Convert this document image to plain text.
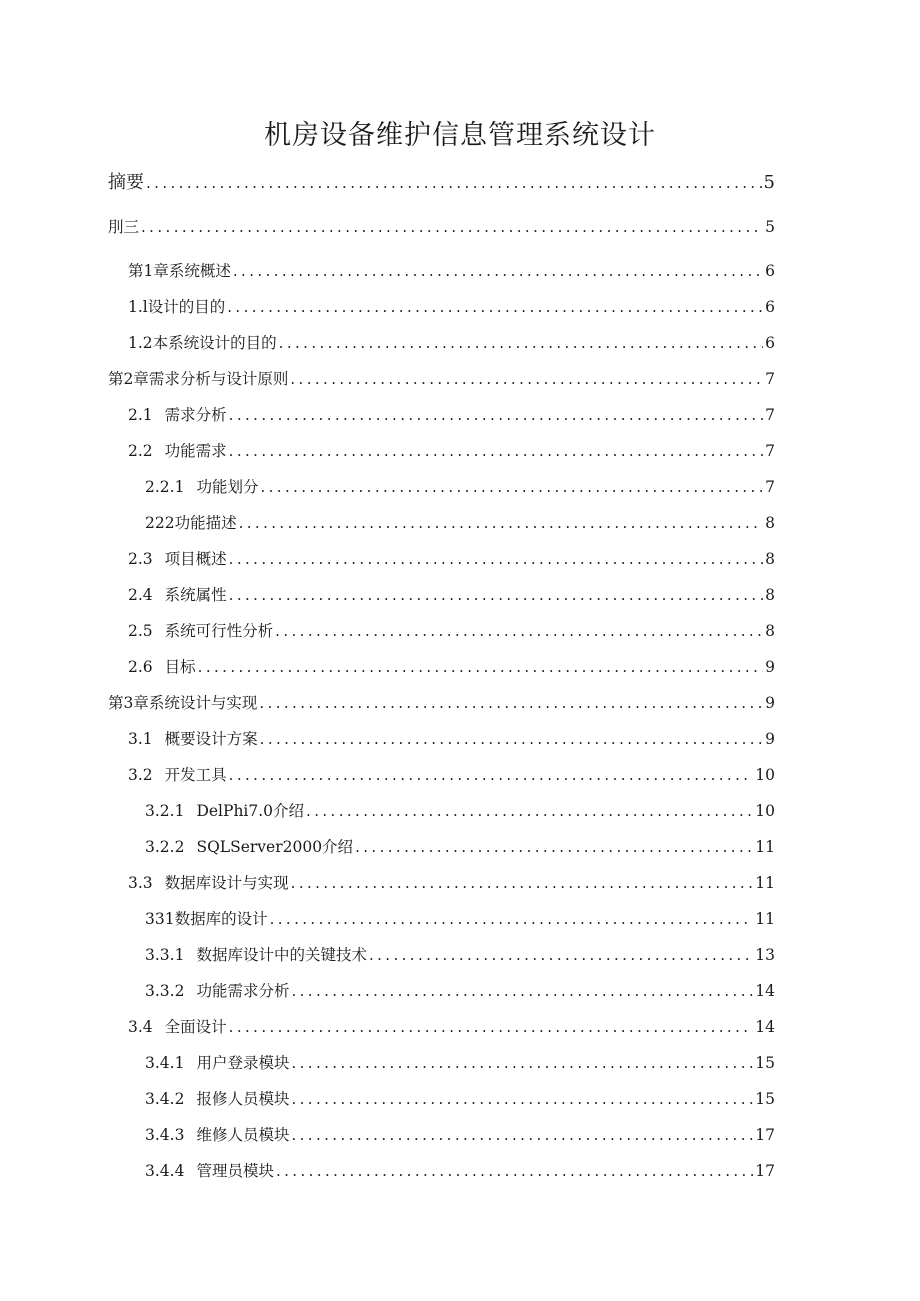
机房设备维护信息管理系统设计
摘要 .....	5
刖三 .....	5
第1章系统概述 .....	6
1.l设计的目的 .....	6
1.2本系统设计的目的 .....	6
第2章需求分析与设计原则 .....	7
2.1 需求分析 .....	7
2.2 功能需求 .....	7
2.2.1 功能划分 .....	7
222功能描述 .....	8
2.3 项目概述 .....	8
2.4 系统属性 .....	8
2.5 系统可行性分析 .....	8
2.6 目标 .....	9
第3章系统设计与实现 .....	9
3.1 概要设计方案 .....	9
3.2 开发工具 .....	10
3.2.1 DelPhi7.0介绍 .....	10
3.2.2 SQLServer2000介绍 .....	11
3.3 数据库设计与实现 .....	11
331数据库的设计 .....	11
3.3.1 数据库设计中的关键技术 .....	13
3.3.2 功能需求分析 .....	14
3.4 全面设计 .....	14
3.4.1 用户登录模块 .....	15
3.4.2 报修人员模块 .....	15
3.4.3 维修人员模块 .....	17
3.4.4 管理员模块 .....	17
